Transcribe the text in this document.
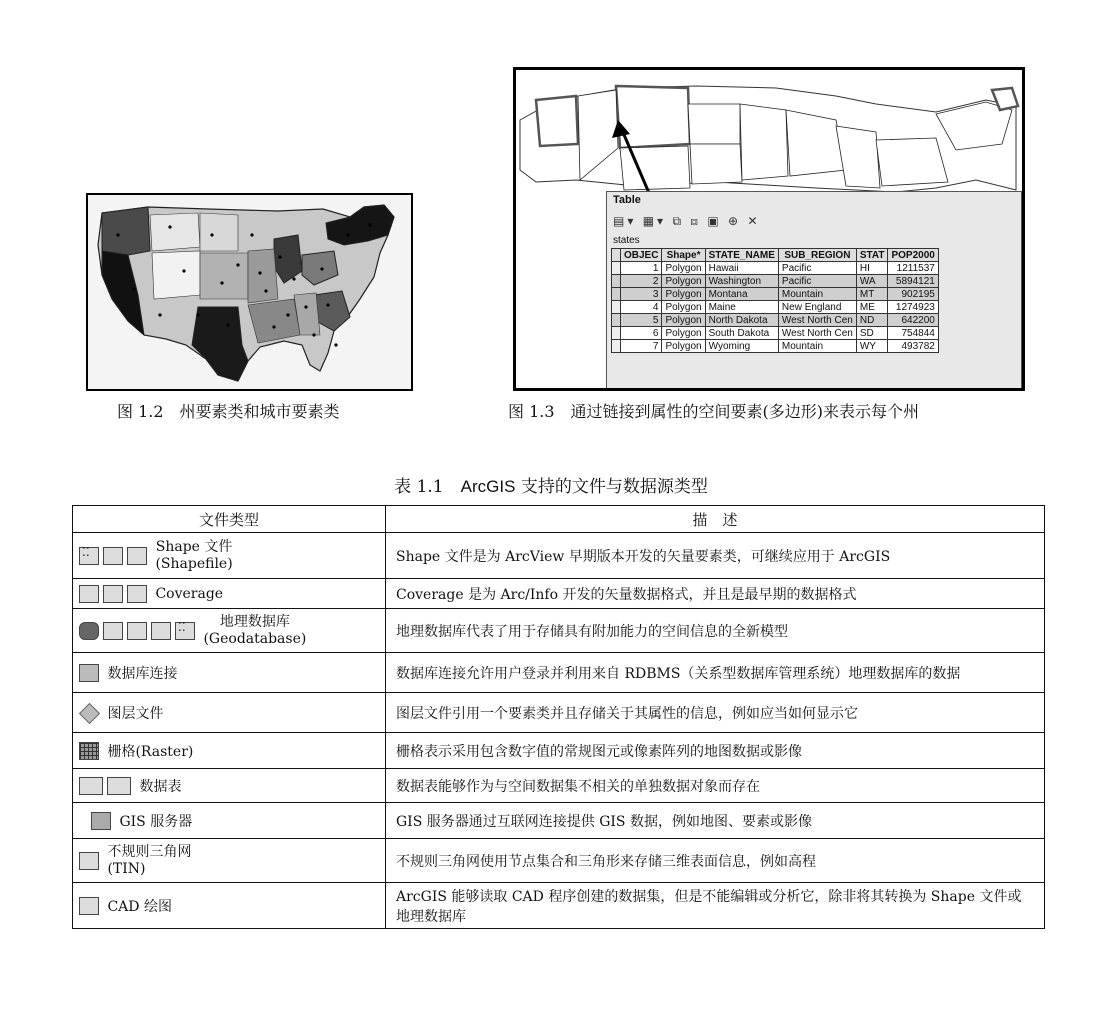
图 1.2　州要素类和城市要素类
Table
▤▾ ▦▾ ⧉ ⧈ ▣ ⊕ ✕
states
	OBJEC	Shape*	STATE_NAME	SUB_REGION	STAT	POP2000
	1	Polygon	Hawaii	Pacific	HI	1211537
	2	Polygon	Washington	Pacific	WA	5894121
	3	Polygon	Montana	Mountain	MT	902195
	4	Polygon	Maine	New England	ME	1274923
	5	Polygon	North Dakota	West North Cen	ND	642200
	6	Polygon	South Dakota	West North Cen	SD	754844
	7	Polygon	Wyoming	Mountain	WY	493782
图 1.3　通过链接到属性的空间要素(多边形)来表示每个州
表 1.1　ArcGIS 支持的文件与数据源类型
文件类型	描　述
⁚⁚ Shape 文件
(Shapefile)	Shape 文件是为 ArcView 早期版本开发的矢量要素类，可继续应用于 ArcGIS
Coverage	Coverage 是为 Arc/Info 开发的矢量数据格式，并且是最早期的数据格式
⁚⁚ 地理数据库
(Geodatabase)	地理数据库代表了用于存储具有附加能力的空间信息的全新模型
数据库连接	数据库连接允许用户登录并利用来自 RDBMS（关系型数据库管理系统）地理数据库的数据
图层文件	图层文件引用一个要素类并且存储关于其属性的信息，例如应当如何显示它
栅格(Raster)	栅格表示采用包含数字值的常规图元或像素阵列的地图数据或影像
数据表	数据表能够作为与空间数据集不相关的单独数据对象而存在
GIS 服务器	GIS 服务器通过互联网连接提供 GIS 数据，例如地图、要素或影像
不规则三角网
(TIN)	不规则三角网使用节点集合和三角形来存储三维表面信息，例如高程
CAD 绘图	ArcGIS 能够读取 CAD 程序创建的数据集，但是不能编辑或分析它，除非将其转换为 Shape 文件或地理数据库
